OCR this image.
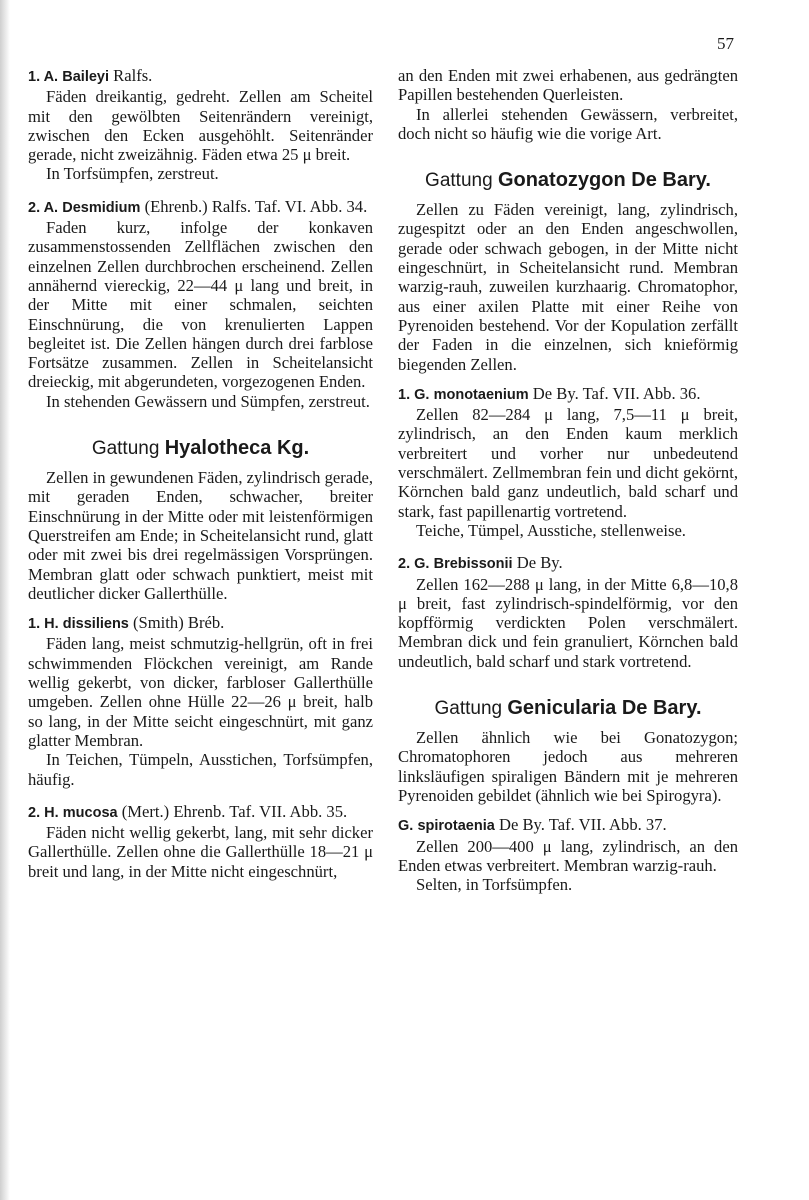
57

1. A. Baileyi Ralfs.

Fäden dreikantig, gedreht. Zellen am Scheitel mit den gewölbten Seitenrändern vereinigt, zwischen den Ecken ausgehöhlt. Seitenränder gerade, nicht zweizähnig. Fäden etwa 25 μ breit.

In Torfsümpfen, zerstreut.

2. A. Desmidium (Ehrenb.) Ralfs. Taf. VI. Abb. 34.

Faden kurz, infolge der konkaven zusammenstossenden Zellflächen zwischen den einzelnen Zellen durchbrochen erscheinend. Zellen annähernd viereckig, 22—44 μ lang und breit, in der Mitte mit einer schmalen, seichten Einschnürung, die von krenulierten Lappen begleitet ist. Die Zellen hängen durch drei farblose Fortsätze zusammen. Zellen in Scheitelansicht dreieckig, mit abgerundeten, vorgezogenen Enden.

In stehenden Gewässern und Sümpfen, zerstreut.

Gattung Hyalotheca Kg.

Zellen in gewundenen Fäden, zylindrisch gerade, mit geraden Enden, schwacher, breiter Einschnürung in der Mitte oder mit leistenförmigen Querstreifen am Ende; in Scheitelansicht rund, glatt oder mit zwei bis drei regelmässigen Vorsprüngen. Membran glatt oder schwach punktiert, meist mit deutlicher dicker Gallerthülle.

1. H. dissiliens (Smith) Bréb.

Fäden lang, meist schmutzig-hellgrün, oft in frei schwimmenden Flöckchen vereinigt, am Rande wellig gekerbt, von dicker, farbloser Gallerthülle umgeben. Zellen ohne Hülle 22—26 μ breit, halb so lang, in der Mitte seicht eingeschnürt, mit ganz glatter Membran.

In Teichen, Tümpeln, Ausstichen, Torfsümpfen, häufig.

2. H. mucosa (Mert.) Ehrenb. Taf. VII. Abb. 35.

Fäden nicht wellig gekerbt, lang, mit sehr dicker Gallerthülle. Zellen ohne die Gallerthülle 18—21 μ breit und lang, in der Mitte nicht eingeschnürt,

an den Enden mit zwei erhabenen, aus gedrängten Papillen bestehenden Querleisten.

In allerlei stehenden Gewässern, verbreitet, doch nicht so häufig wie die vorige Art.

Gattung Gonatozygon De Bary.

Zellen zu Fäden vereinigt, lang, zylindrisch, zugespitzt oder an den Enden angeschwollen, gerade oder schwach gebogen, in der Mitte nicht eingeschnürt, in Scheitelansicht rund. Membran warzig-rauh, zuweilen kurzhaarig. Chromatophor, aus einer axilen Platte mit einer Reihe von Pyrenoiden bestehend. Vor der Kopulation zerfällt der Faden in die einzelnen, sich knieförmig biegenden Zellen.

1. G. monotaenium De By. Taf. VII. Abb. 36.

Zellen 82—284 μ lang, 7,5—11 μ breit, zylindrisch, an den Enden kaum merklich verbreitert und vorher nur unbedeutend verschmälert. Zellmembran fein und dicht gekörnt, Körnchen bald ganz undeutlich, bald scharf und stark, fast papillenartig vortretend.

Teiche, Tümpel, Ausstiche, stellenweise.

2. G. Brebissonii De By.

Zellen 162—288 μ lang, in der Mitte 6,8—10,8 μ breit, fast zylindrisch-spindelförmig, vor den kopfförmig verdickten Polen verschmälert. Membran dick und fein granuliert, Körnchen bald undeutlich, bald scharf und stark vortretend.

Gattung Genicularia De Bary.

Zellen ähnlich wie bei Gonatozygon; Chromatophoren jedoch aus mehreren linksläufigen spiraligen Bändern mit je mehreren Pyrenoiden gebildet (ähnlich wie bei Spirogyra).

G. spirotaenia De By. Taf. VII. Abb. 37.

Zellen 200—400 μ lang, zylindrisch, an den Enden etwas verbreitert. Membran warzig-rauh.

Selten, in Torfsümpfen.
